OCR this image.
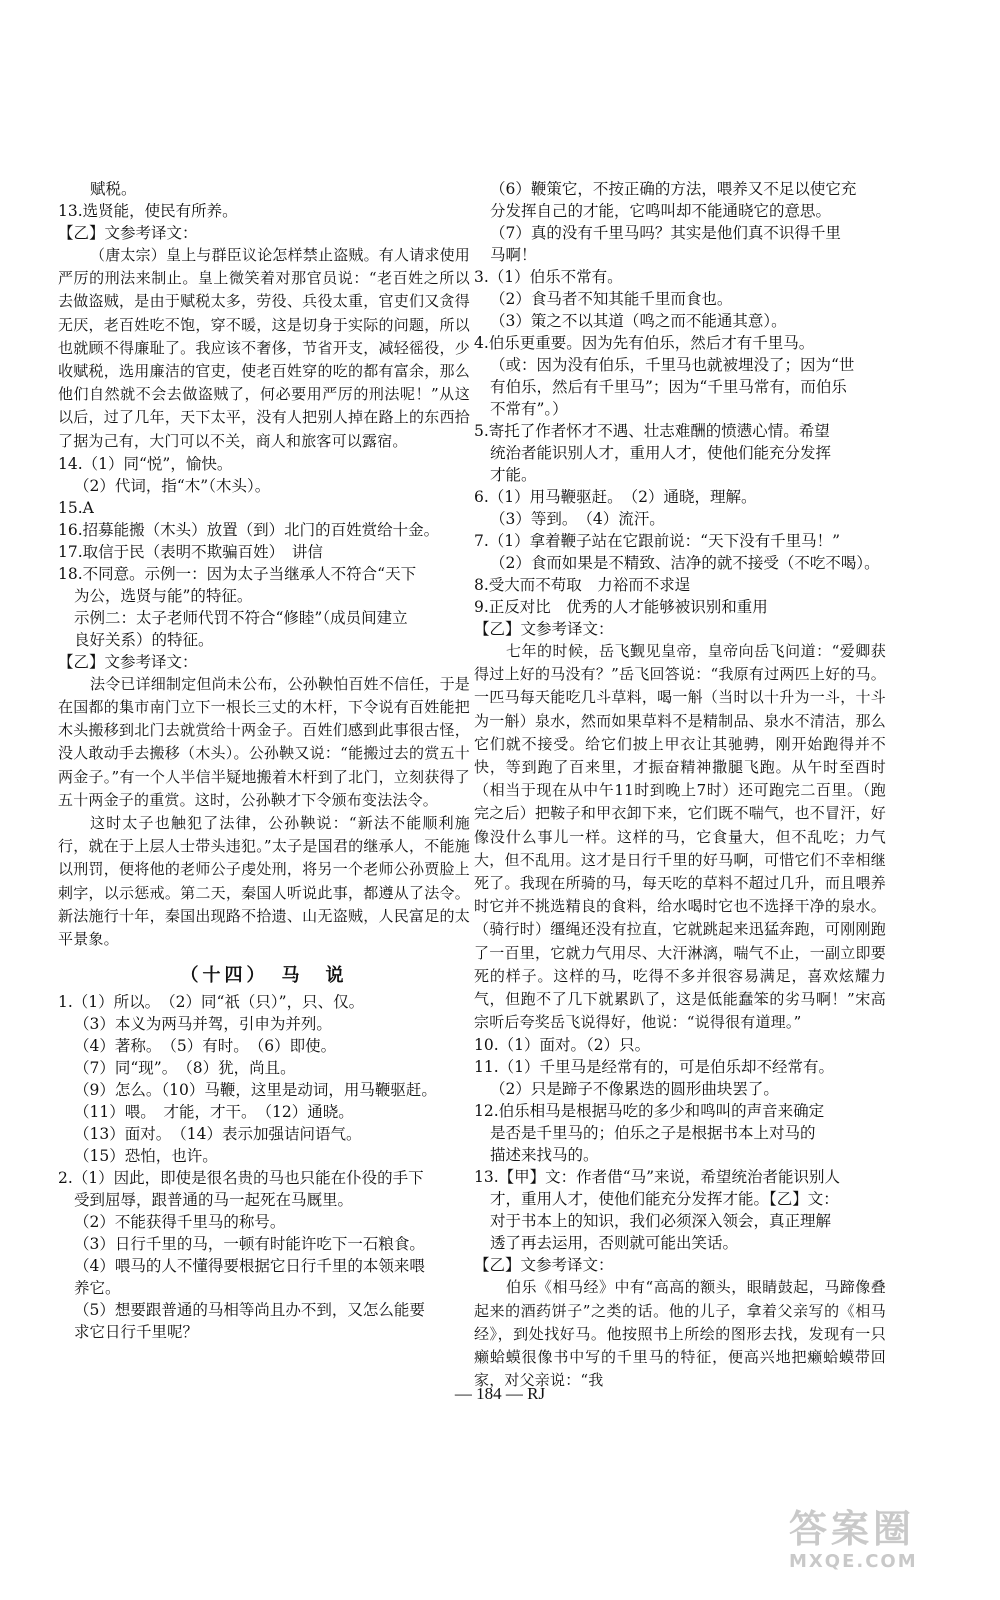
赋税。
13.选贤能，使民有所养。
【乙】文参考译文：
（唐太宗）皇上与群臣议论怎样禁止盗贼。有人请求使用严厉的刑法来制止。皇上微笑着对那官员说：“老百姓之所以去做盗贼，是由于赋税太多，劳役、兵役太重，官吏们又贪得无厌，老百姓吃不饱，穿不暖，这是切身于实际的问题，所以也就顾不得廉耻了。我应该不奢侈，节省开支，减轻徭役，少收赋税，选用廉洁的官吏，使老百姓穿的吃的都有富余，那么他们自然就不会去做盗贼了，何必要用严厉的刑法呢！”从这以后，过了几年，天下太平，没有人把别人掉在路上的东西拾了据为己有，大门可以不关，商人和旅客可以露宿。
14.（1）同“悦”，愉快。
（2）代词，指“木”（木头）。
15.A
16.招募能搬（木头）放置（到）北门的百姓赏给十金。
17.取信于民（表明不欺骗百姓）　讲信
18.不同意。示例一：因为太子当继承人不符合“天下
为公，选贤与能”的特征。
示例二：太子老师代罚不符合“修睦”（成员间建立
良好关系）的特征。
【乙】文参考译文：
法令已详细制定但尚未公布，公孙鞅怕百姓不信任，于是在国都的集市南门立下一根长三丈的木杆，下令说有百姓能把木头搬移到北门去就赏给十两金子。百姓们感到此事很古怪，没人敢动手去搬移（木头）。公孙鞅又说：“能搬过去的赏五十两金子。”有一个人半信半疑地搬着木杆到了北门，立刻获得了五十两金子的重赏。这时，公孙鞅才下令颁布变法法令。
这时太子也触犯了法律，公孙鞅说：“新法不能顺利施行，就在于上层人士带头违犯。”太子是国君的继承人，不能施以刑罚，便将他的老师公子虔处刑，将另一个老师公孙贾脸上刺字，以示惩戒。第二天，秦国人听说此事，都遵从了法令。新法施行十年，秦国出现路不拾遗、山无盗贼，人民富足的太平景象。
（十四）　马　说
1.（1）所以。　（2）同“祇（只）”，只、仅。
（3）本义为两马并驾，引申为并列。
（4）著称。　（5）有时。　（6）即使。
（7）同“现”。　（8）犹，尚且。
（9）怎么。（10）马鞭，这里是动词，用马鞭驱赶。
（11）喂。　才能，才干。　（12）通晓。
（13）面对。　（14）表示加强诘问语气。
（15）恐怕，也许。
2.（1）因此，即使是很名贵的马也只能在仆役的手下
受到屈辱，跟普通的马一起死在马厩里。
（2）不能获得千里马的称号。
（3）日行千里的马，一顿有时能许吃下一石粮食。
（4）喂马的人不懂得要根据它日行千里的本领来喂
养它。
（5）想要跟普通的马相等尚且办不到，又怎么能要
求它日行千里呢？
（6）鞭策它，不按正确的方法，喂养又不足以使它充
分发挥自己的才能，它鸣叫却不能通晓它的意思。
（7）真的没有千里马吗？其实是他们真不识得千里
马啊！
3.（1）伯乐不常有。
（2）食马者不知其能千里而食也。
（3）策之不以其道（鸣之而不能通其意）。
4.伯乐更重要。因为先有伯乐，然后才有千里马。
（或：因为没有伯乐，千里马也就被埋没了；因为“世
有伯乐，然后有千里马”；因为“千里马常有，而伯乐
不常有”。）
5.寄托了作者怀才不遇、壮志难酬的愤懑心情。希望
统治者能识别人才，重用人才，使他们能充分发挥
才能。
6.（1）用马鞭驱赶。　（2）通晓，理解。
（3）等到。　（4）流汗。
7.（1）拿着鞭子站在它跟前说：“天下没有千里马！”
（2）食而如果是不精致、洁净的就不接受（不吃不喝）。
8.受大而不苟取　力裕而不求逞
9.正反对比　优秀的人才能够被识别和重用
【乙】文参考译文：
七年的时候，岳飞觐见皇帝，皇帝向岳飞问道：“爱卿获得过上好的马没有？”岳飞回答说：“我原有过两匹上好的马。一匹马每天能吃几斗草料，喝一斛（当时以十升为一斗，十斗为一斛）泉水，然而如果草料不是精制品、泉水不清洁，那么它们就不接受。给它们披上甲衣让其驰骋，刚开始跑得并不快，等到跑了百来里，才振奋精神撒腿飞跑。从午时至酉时（相当于现在从中午11时到晚上7时）还可跑完二百里。（跑完之后）把鞍子和甲衣卸下来，它们既不喘气，也不冒汗，好像没什么事儿一样。这样的马，它食量大，但不乱吃；力气大，但不乱用。这才是日行千里的好马啊，可惜它们不幸相继死了。我现在所骑的马，每天吃的草料不超过几升，而且喂养时它并不挑选精良的食料，给水喝时它也不选择干净的泉水。（骑行时）缰绳还没有拉直，它就跳起来迅猛奔跑，可刚刚跑了一百里，它就力气用尽、大汗淋漓，喘气不止，一副立即要死的样子。这样的马，吃得不多并很容易满足，喜欢炫耀力气，但跑不了几下就累趴了，这是低能蠢笨的劣马啊！”宋高宗听后夸奖岳飞说得好，他说：“说得很有道理。”
10.（1）面对。（2）只。
11.（1）千里马是经常有的，可是伯乐却不经常有。
（2）只是蹄子不像累迭的圆形曲块罢了。
12.伯乐相马是根据马吃的多少和鸣叫的声音来确定
是否是千里马的；伯乐之子是根据书本上对马的
描述来找马的。
13.【甲】文：作者借“马”来说，希望统治者能识别人
才，重用人才，使他们能充分发挥才能。【乙】文：
对于书本上的知识，我们必须深入领会，真正理解
透了再去运用，否则就可能出笑话。
【乙】文参考译文：
伯乐《相马经》中有“高高的额头，眼睛鼓起，马蹄像叠起来的酒药饼子”之类的话。他的儿子，拿着父亲写的《相马经》，到处找好马。他按照书上所绘的图形去找，发现有一只癞蛤蟆很像书中写的千里马的特征，便高兴地把癞蛤蟆带回家，对父亲说：“我
— 184 — RJ
答案圈
MXQE.COM
